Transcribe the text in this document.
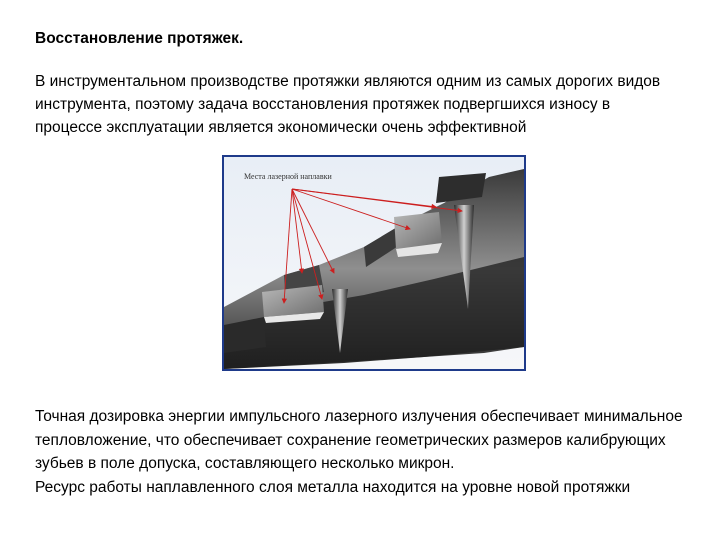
Восстановление протяжек.

В инструментальном производстве протяжки являются одним из самых дорогих видов инструмента, поэтому задача восстановления протяжек подвергшихся износу в процессе эксплуатации является экономически очень эффективной

Места лазерной наплавки
Точная дозировка энергии импульсного лазерного излучения обеспечивает минимальное тепловложение, что обеспечивает сохранение геометрических размеров калибрующих зубьев в поле допуска, составляющего несколько микрон.
Ресурс работы наплавленного слоя металла находится на уровне новой протяжки
